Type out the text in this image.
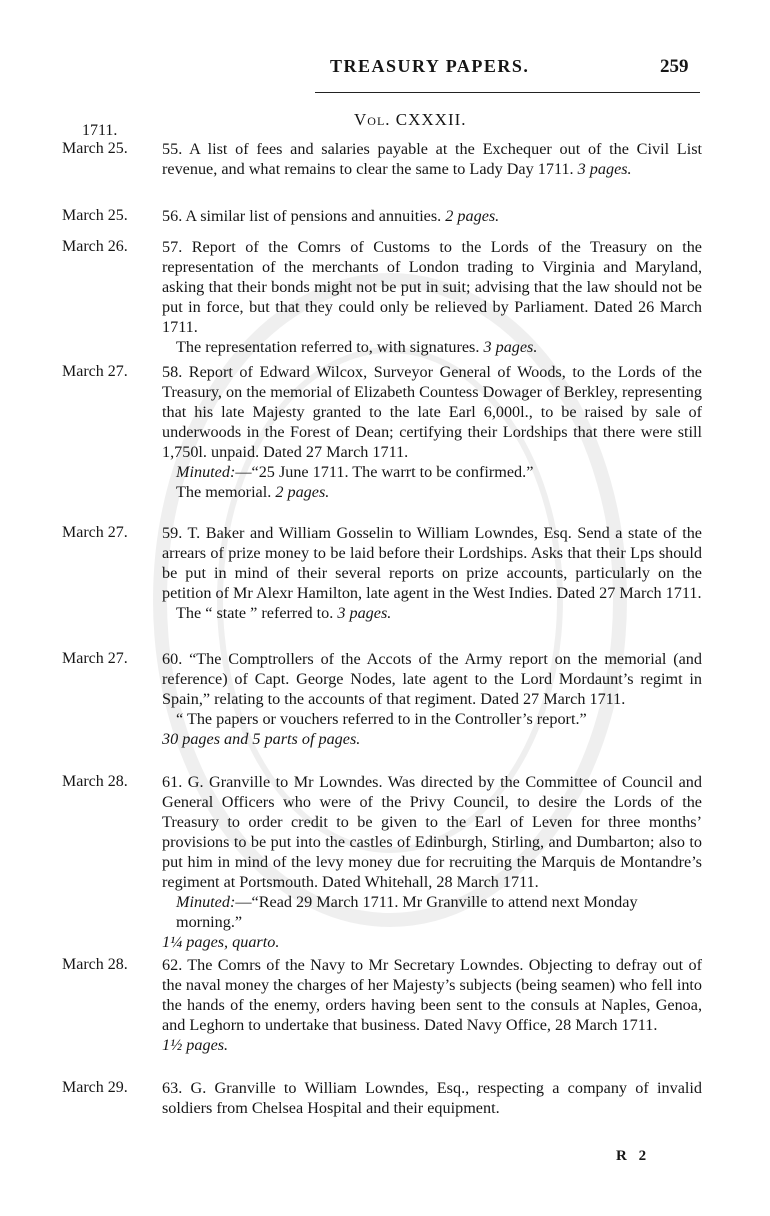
TREASURY PAPERS.	259
Vol. CXXXII.
1711.
March 25.	55. A list of fees and salaries payable at the Exchequer out of the Civil List revenue, and what remains to clear the same to Lady Day 1711. 3 pages.
March 25.	56. A similar list of pensions and annuities. 2 pages.
March 26.	57. Report of the Comrs of Customs to the Lords of the Treasury on the representation of the merchants of London trading to Virginia and Maryland, asking that their bonds might not be put in suit; advising that the law should not be put in force, but that they could only be relieved by Parliament. Dated 26 March 1711.
The representation referred to, with signatures. 3 pages.
March 27.	58. Report of Edward Wilcox, Surveyor General of Woods, to the Lords of the Treasury, on the memorial of Elizabeth Countess Dowager of Berkley, representing that his late Majesty granted to the late Earl 6,000l., to be raised by sale of underwoods in the Forest of Dean; certifying their Lordships that there were still 1,750l. unpaid. Dated 27 March 1711.
Minuted:—“25 June 1711. The warrt to be confirmed.”
The memorial. 2 pages.
March 27.	59. T. Baker and William Gosselin to William Lowndes, Esq. Send a state of the arrears of prize money to be laid before their Lordships. Asks that their Lps should be put in mind of their several reports on prize accounts, particularly on the petition of Mr Alexr Hamilton, late agent in the West Indies. Dated 27 March 1711.
The “ state ” referred to. 3 pages.
March 27.	60. “The Comptrollers of the Accots of the Army report on the memorial (and reference) of Capt. George Nodes, late agent to the Lord Mordaunt’s regimt in Spain,” relating to the accounts of that regiment. Dated 27 March 1711.
“ The papers or vouchers referred to in the Controller’s report.”
30 pages and 5 parts of pages.
March 28.	61. G. Granville to Mr Lowndes. Was directed by the Committee of Council and General Officers who were of the Privy Council, to desire the Lords of the Treasury to order credit to be given to the Earl of Leven for three months’ provisions to be put into the castles of Edinburgh, Stirling, and Dumbarton; also to put him in mind of the levy money due for recruiting the Marquis de Montandre’s regiment at Portsmouth. Dated Whitehall, 28 March 1711.
Minuted:—“Read 29 March 1711. Mr Granville to attend next Monday morning.”
1¼ pages, quarto.
March 28.	62. The Comrs of the Navy to Mr Secretary Lowndes. Objecting to defray out of the naval money the charges of her Majesty’s subjects (being seamen) who fell into the hands of the enemy, orders having been sent to the consuls at Naples, Genoa, and Leghorn to undertake that business. Dated Navy Office, 28 March 1711.
1½ pages.
March 29.	63. G. Granville to William Lowndes, Esq., respecting a company of invalid soldiers from Chelsea Hospital and their equipment.
R 2
